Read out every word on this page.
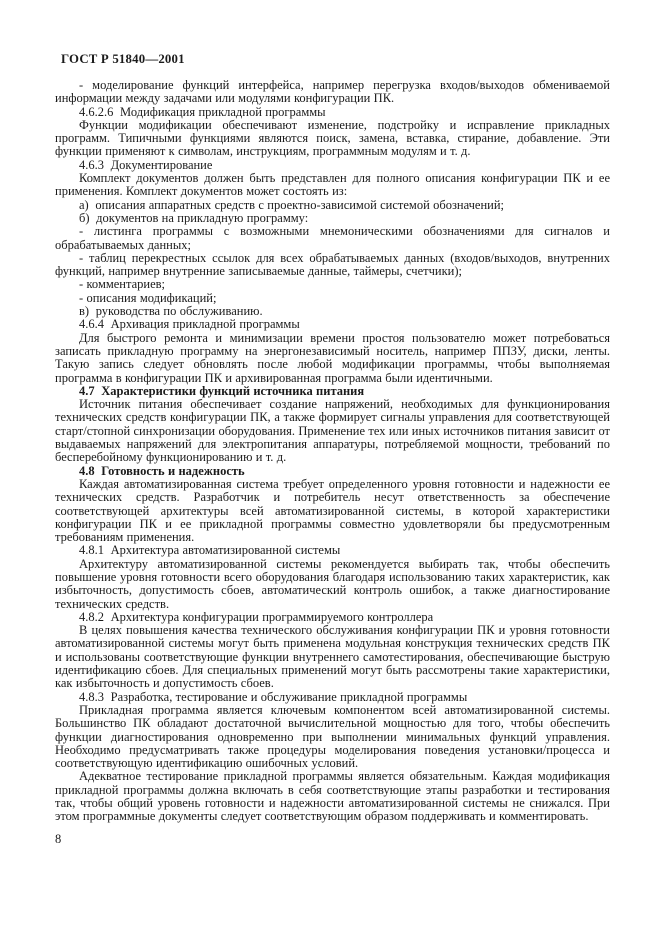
ГОСТ Р 51840—2001

- моделирование функций интерфейса, например перегрузка входов/выходов обмениваемой информации между задачами или модулями конфигурации ПК.

4.6.2.6  Модификация прикладной программы

Функции модификации обеспечивают изменение, подстройку и исправление прикладных программ. Типичными функциями являются поиск, замена, вставка, стирание, добавление. Эти функции применяют к символам, инструкциям, программным модулям и т. д.

4.6.3  Документирование

Комплект документов должен быть представлен для полного описания конфигурации ПК и ее применения. Комплект документов может состоять из:

а)  описания аппаратных средств с проектно-зависимой системой обозначений;

б)  документов на прикладную программу:

- листинга программы с возможными мнемоническими обозначениями для сигналов и обрабатываемых данных;

- таблиц перекрестных ссылок для всех обрабатываемых данных (входов/выходов, внутренних функций, например внутренние записываемые данные, таймеры, счетчики);

- комментариев;

- описания модификаций;

в)  руководства по обслуживанию.

4.6.4  Архивация прикладной программы

Для быстрого ремонта и минимизации времени простоя пользователю может потребоваться записать прикладную программу на энергонезависимый носитель, например ППЗУ, диски, ленты. Такую запись следует обновлять после любой модификации программы, чтобы выполняемая программа в конфигурации ПК и архивированная программа были идентичными.

4.7  Характеристики функций источника питания

Источник питания обеспечивает создание напряжений, необходимых для функционирования технических средств конфигурации ПК, а также формирует сигналы управления для соответствующей старт/стопной синхронизации оборудования. Применение тех или иных источников питания зависит от выдаваемых напряжений для электропитания аппаратуры, потребляемой мощности, требований по бесперебойному функционированию и т. д.

4.8  Готовность и надежность

Каждая автоматизированная система требует определенного уровня готовности и надежности ее технических средств. Разработчик и потребитель несут ответственность за обеспечение соответствующей архитектуры всей автоматизированной системы, в которой характеристики конфигурации ПК и ее прикладной программы совместно удовлетворяли бы предусмотренным требованиям применения.

4.8.1  Архитектура автоматизированной системы

Архитектуру автоматизированной системы рекомендуется выбирать так, чтобы обеспечить повышение уровня готовности всего оборудования благодаря использованию таких характеристик, как избыточность, допустимость сбоев, автоматический контроль ошибок, а также диагностирование технических средств.

4.8.2  Архитектура конфигурации программируемого контроллера

В целях повышения качества технического обслуживания конфигурации ПК и уровня готовности автоматизированной системы могут быть применена модульная конструкция технических средств ПК и использованы соответствующие функции внутреннего самотестирования, обеспечивающие быструю идентификацию сбоев. Для специальных применений могут быть рассмотрены такие характеристики, как избыточность и допустимость сбоев.

4.8.3  Разработка, тестирование и обслуживание прикладной программы

Прикладная программа является ключевым компонентом всей автоматизированной системы. Большинство ПК обладают достаточной вычислительной мощностью для того, чтобы обеспечить функции диагностирования одновременно при выполнении минимальных функций управления. Необходимо предусматривать также процедуры моделирования поведения установки/процесса и соответствующую идентификацию ошибочных условий.

Адекватное тестирование прикладной программы является обязательным. Каждая модификация прикладной программы должна включать в себя соответствующие этапы разработки и тестирования так, чтобы общий уровень готовности и надежности автоматизированной системы не снижался. При этом программные документы следует соответствующим образом поддерживать и комментировать.

8
